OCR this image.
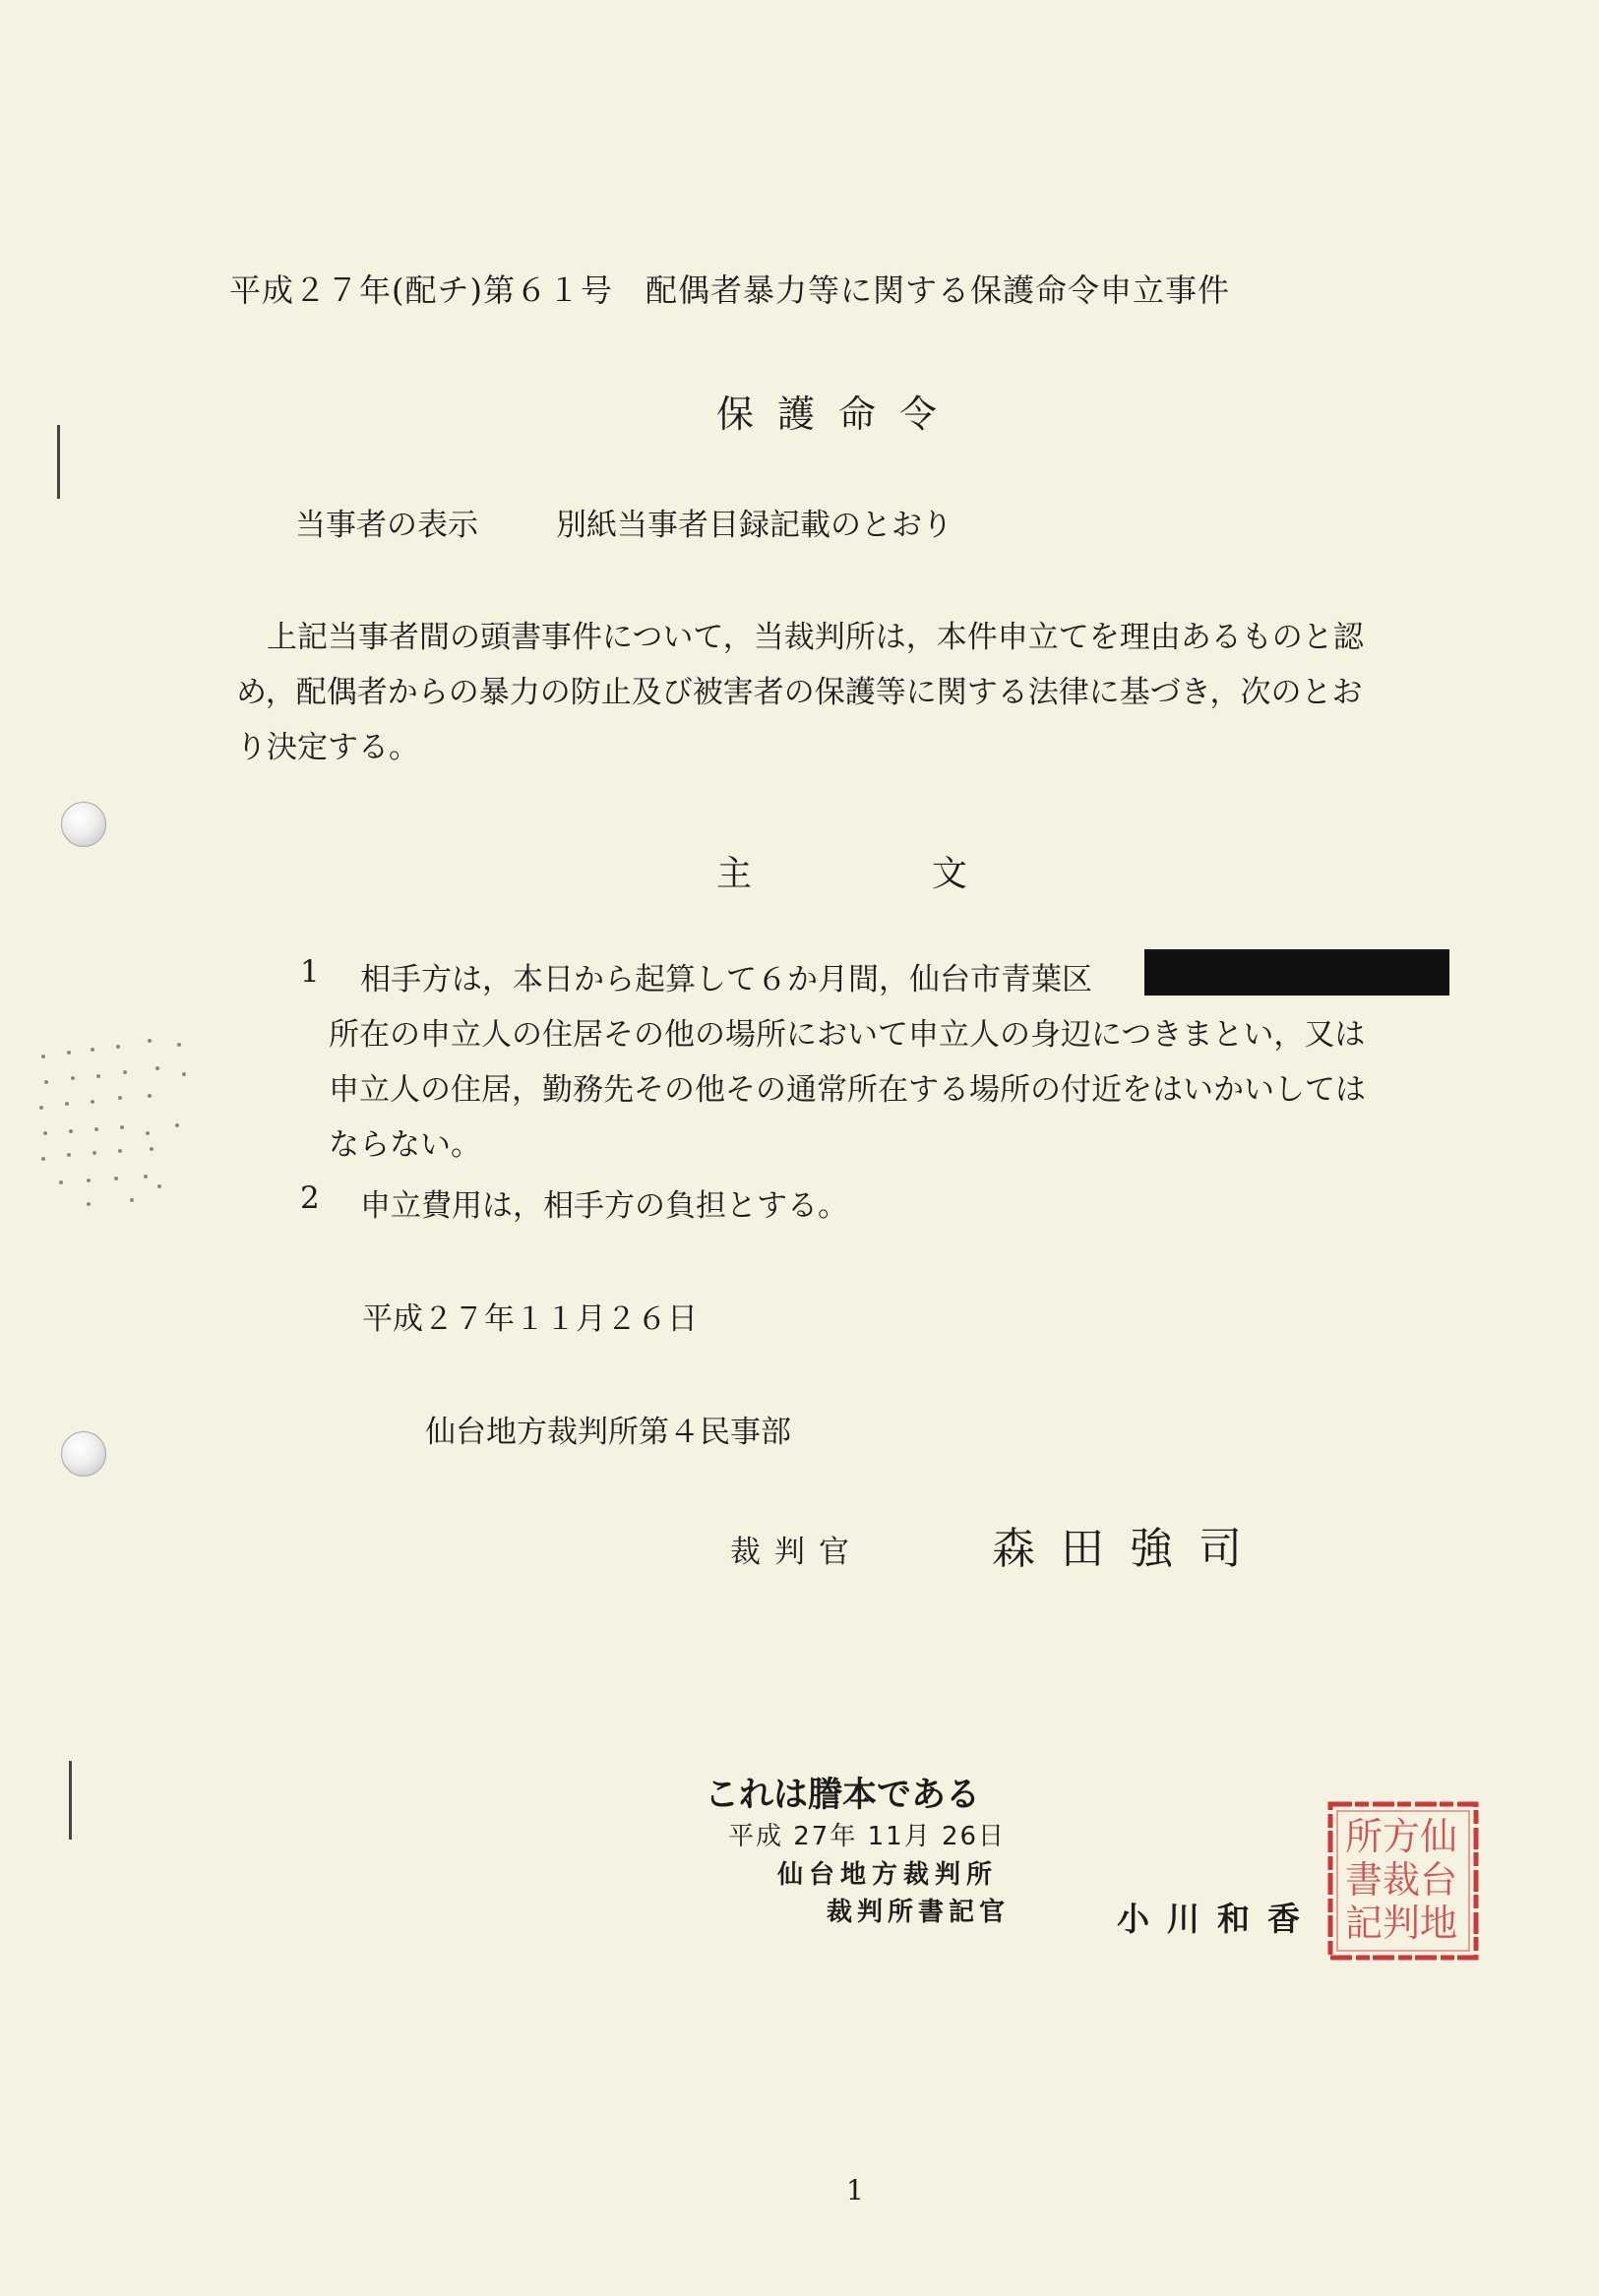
平成２７年(配チ)第６１号　配偶者暴力等に関する保護命令申立事件
保護命令
当事者の表示	別紙当事者目録記載のとおり
　上記当事者間の頭書事件について，当裁判所は，本件申立てを理由あるものと認
め，配偶者からの暴力の防止及び被害者の保護等に関する法律に基づき，次のとお
り決定する。
主	文
1 相手方は，本日から起算して６か月間，仙台市青葉区
所在の申立人の住居その他の場所において申立人の身辺につきまとい，又は
申立人の住居，勤務先その他その通常所在する場所の付近をはいかいしては
ならない。
2 申立費用は，相手方の負担とする。
平成２７年１１月２６日
仙台地方裁判所第４民事部
裁判官	森田強司
これは謄本である
平成 27年 11月 26日
仙台地方裁判所
裁判所書記官	小川和香
仙
台
地
方
裁
判
所
書
記
1
